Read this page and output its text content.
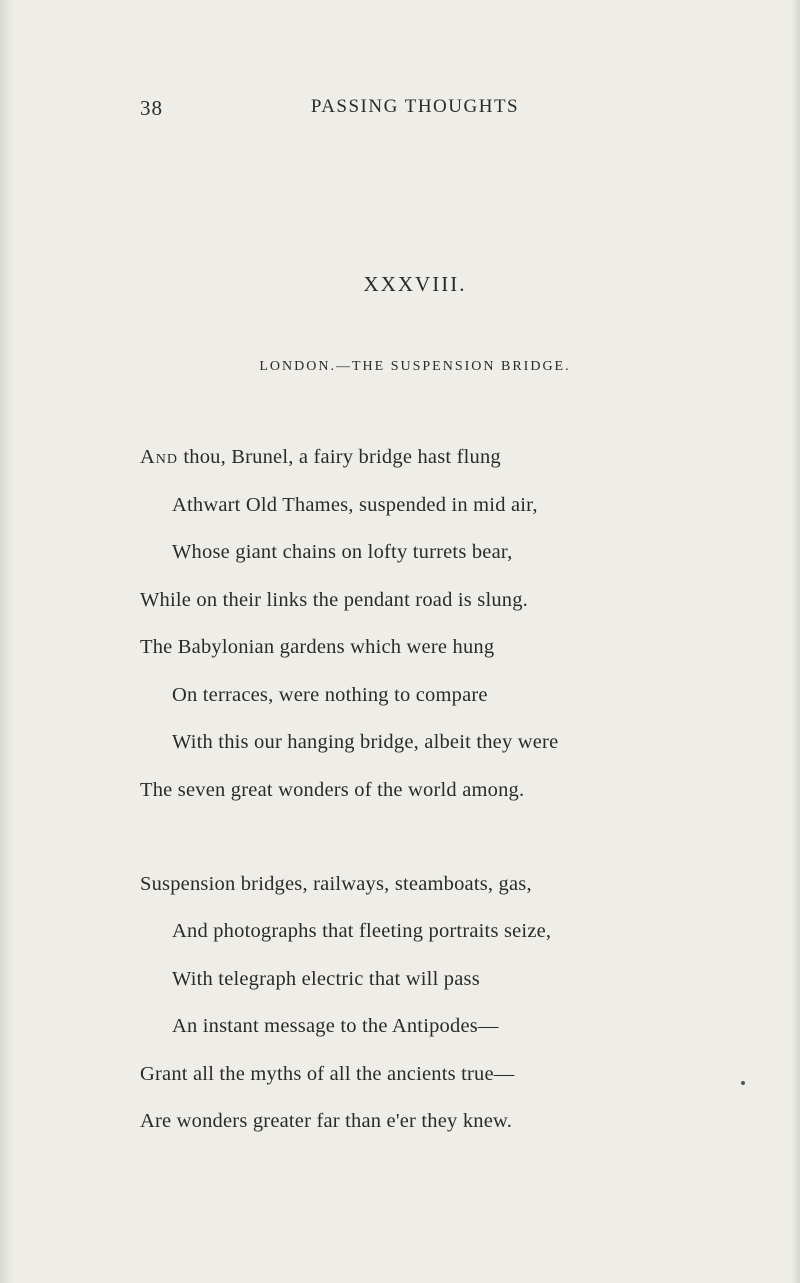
38	PASSING THOUGHTS
XXXVIII.
LONDON.—THE SUSPENSION BRIDGE.
And thou, Brunel, a fairy bridge hast flung
Athwart Old Thames, suspended in mid air,
Whose giant chains on lofty turrets bear,
While on their links the pendant road is slung.
The Babylonian gardens which were hung
On terraces, were nothing to compare
With this our hanging bridge, albeit they were
The seven great wonders of the world among.
Suspension bridges, railways, steamboats, gas,
And photographs that fleeting portraits seize,
With telegraph electric that will pass
An instant message to the Antipodes—
Grant all the myths of all the ancients true—
Are wonders greater far than e'er they knew.
